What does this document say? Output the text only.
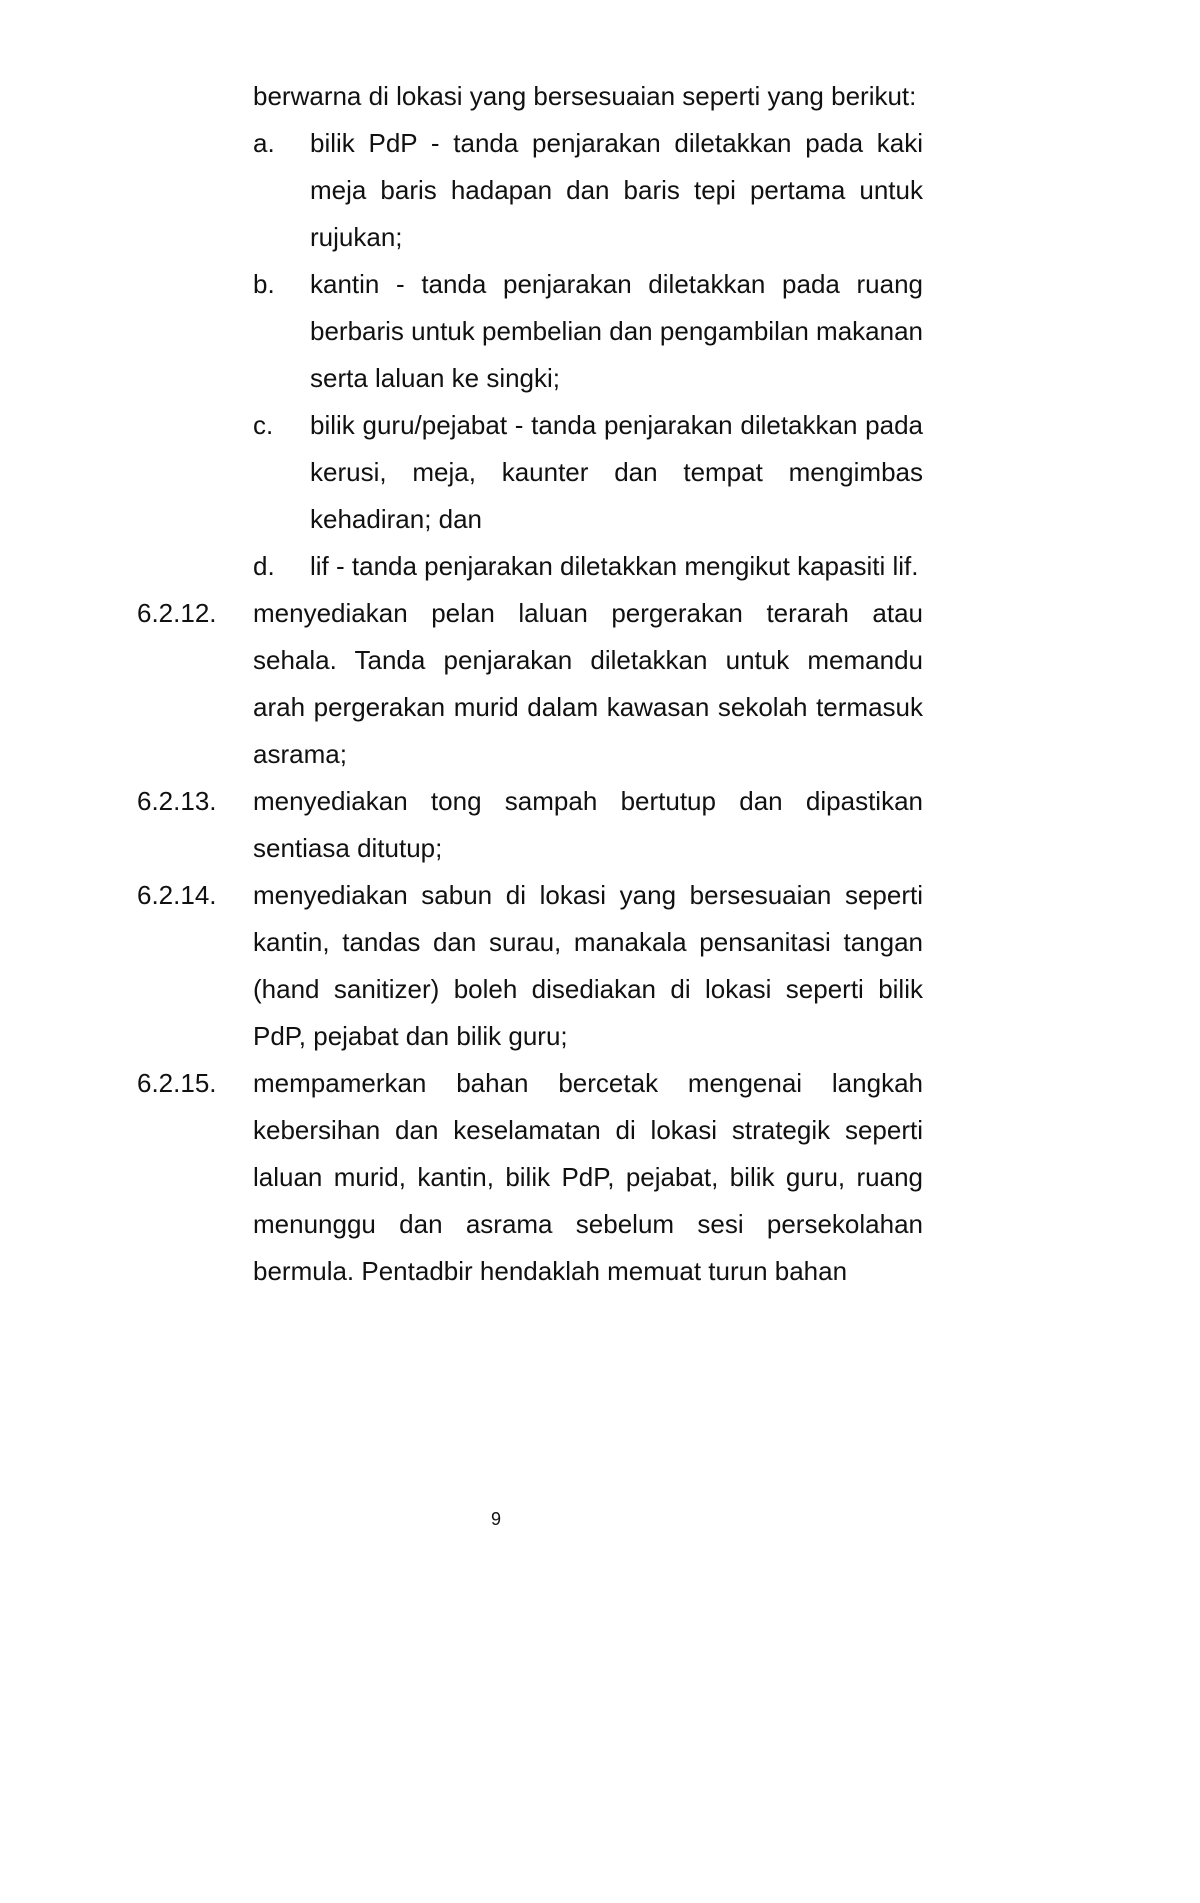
berwarna di lokasi yang bersesuaian seperti yang berikut:
a.	bilik PdP - tanda penjarakan diletakkan pada kaki meja baris hadapan dan baris tepi pertama untuk rujukan;
b.	kantin - tanda penjarakan diletakkan pada ruang berbaris untuk pembelian dan pengambilan makanan serta laluan ke singki;
c.	bilik guru/pejabat - tanda penjarakan diletakkan pada kerusi, meja, kaunter dan tempat mengimbas kehadiran; dan
d.	lif - tanda penjarakan diletakkan mengikut kapasiti lif.
6.2.12.	menyediakan pelan laluan pergerakan terarah atau sehala. Tanda penjarakan diletakkan untuk memandu arah pergerakan murid dalam kawasan sekolah termasuk asrama;
6.2.13.	menyediakan tong sampah bertutup dan dipastikan sentiasa ditutup;
6.2.14.	menyediakan sabun di lokasi yang bersesuaian seperti kantin, tandas dan surau, manakala pensanitasi tangan (hand sanitizer) boleh disediakan di lokasi seperti bilik PdP, pejabat dan bilik guru;
6.2.15.	mempamerkan bahan bercetak mengenai langkah kebersihan dan keselamatan di lokasi strategik seperti laluan murid, kantin, bilik PdP, pejabat, bilik guru, ruang menunggu dan asrama sebelum sesi persekolahan bermula. Pentadbir hendaklah memuat turun bahan
9
